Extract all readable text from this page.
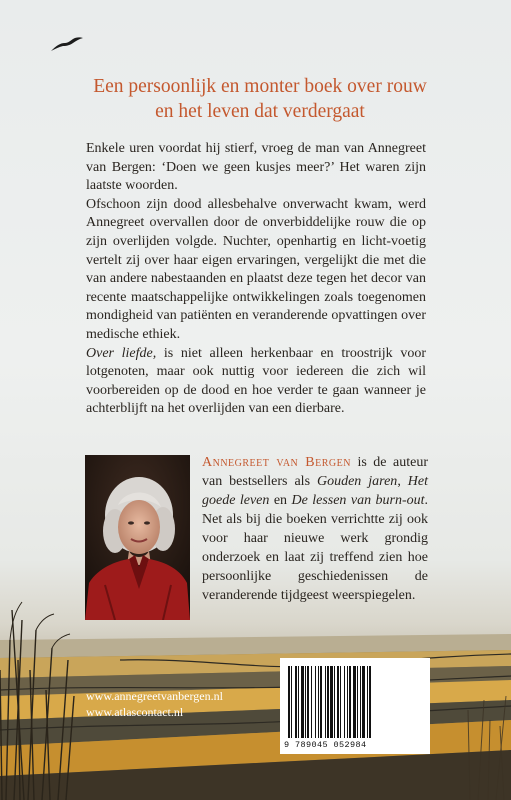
Een persoonlijk en monter boek over rouw
en het leven dat verdergaat

Enkele uren voordat hij stierf, vroeg de man van Annegreet van Bergen: ‘Doen we geen kusjes meer?’ Het waren zijn laatste woorden.

Ofschoon zijn dood allesbehalve onverwacht kwam, werd Annegreet overvallen door de onverbiddelijke rouw die op zijn overlijden volgde. Nuchter, openhartig en licht-voetig vertelt zij over haar eigen ervaringen, vergelijkt die met die van andere nabestaanden en plaatst deze tegen het decor van recente maatschappelijke ontwikkelingen zoals toegenomen mondigheid van patiënten en veranderende opvattingen over medische ethiek.

Over liefde, is niet alleen herkenbaar en troostrijk voor lotgenoten, maar ook nuttig voor iedereen die zich wil voorbereiden op de dood en hoe verder te gaan wanneer je achterblijft na het overlijden van een dierbare.

Annegreet van Bergen is de auteur van bestsellers als Gouden jaren, Het goede leven en De lessen van burn-out. Net als bij die boeken verrichtte zij ook voor haar nieuwe werk grondig onderzoek en laat zij treffend zien hoe persoonlijke geschiedenissen de veranderende tijdgeest weerspiegelen.
www.annegreetvanbergen.nl
www.atlascontact.nl
9 789045 052984
